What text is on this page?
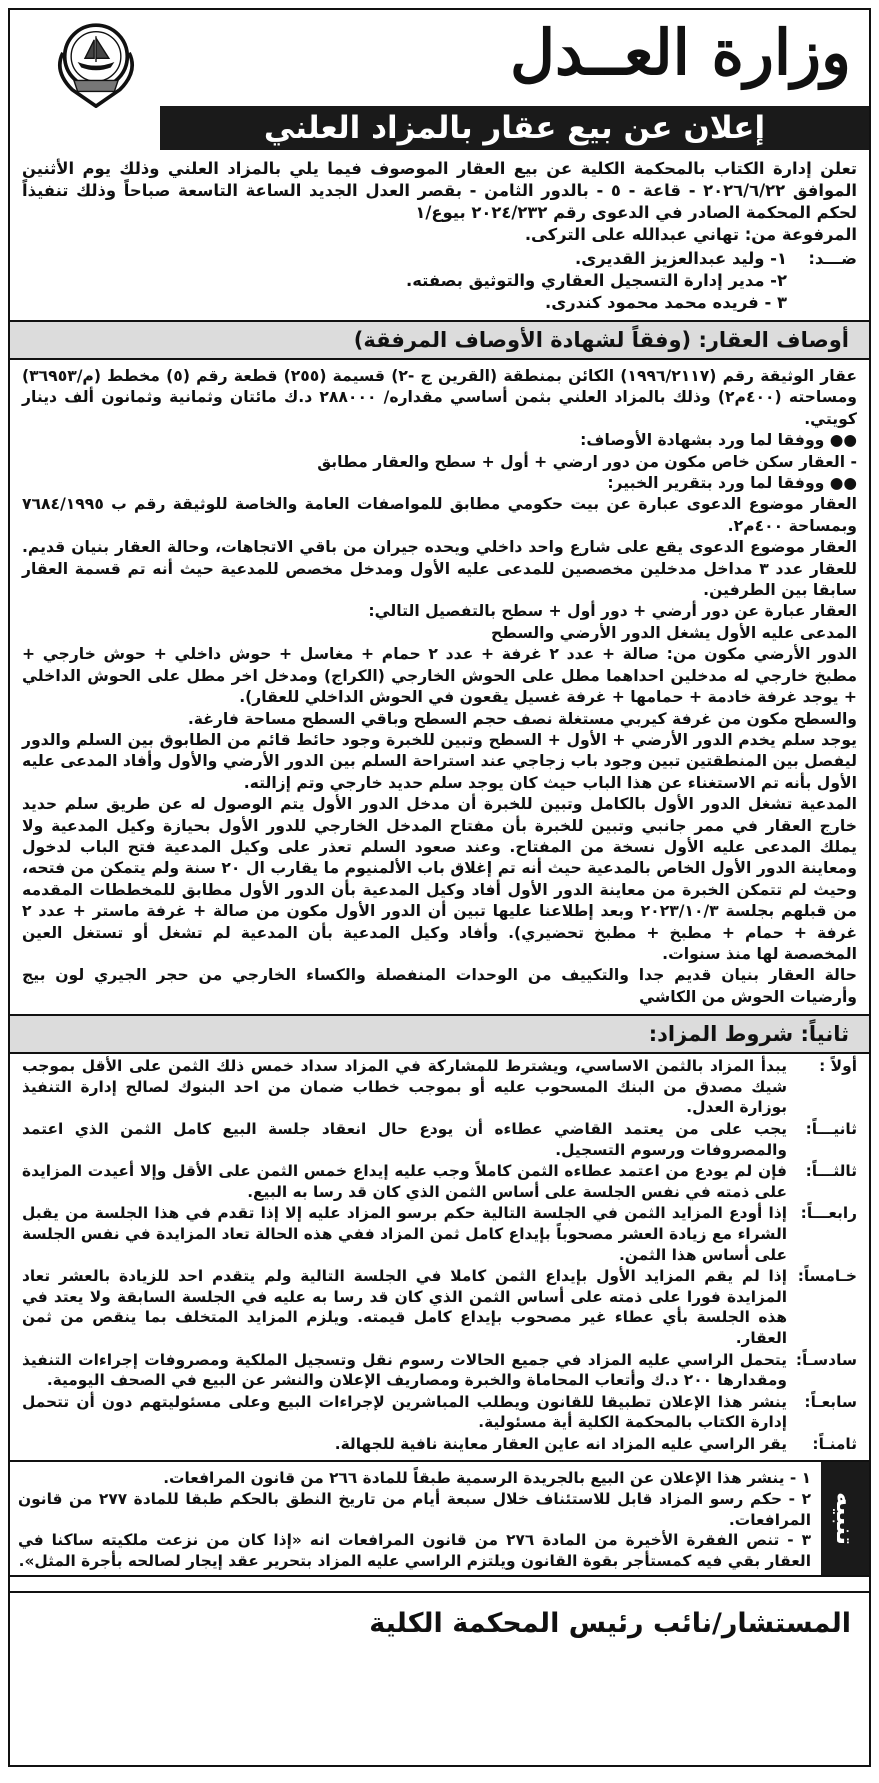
وزارة العــدل
إعلان عن بيع عقار بالمزاد العلني

تعلن إدارة الكتاب بالمحكمة الكلية عن بيع العقار الموصوف فيما يلي بالمزاد العلني وذلك يوم الأثنين الموافق ٢٠٢٦/٦/٢٢ - قاعة - ٥ - بالدور الثامن - بقصر العدل الجديد الساعة التاسعة صباحاً وذلك تنفيذاً لحكم المحكمة الصادر في الدعوى رقم ٢٠٢٤/٢٣٢ بيوع/١

المرفوعة من: تهاني عبدالله على التركى.

ضـــد:
١- وليد عبدالعزيز القديرى.
٢- مدير إدارة التسجيل العقاري والتوثيق بصفته.
٣ - فريده محمد محمود كندرى.
أوصاف العقار: (وفقاً لشهادة الأوصاف المرفقة)

عقار الوثيقة رقم (١٩٩٦/٢١١٧) الكائن بمنطقة (القرين ج -٢) قسيمة (٢٥٥) قطعة رقم (٥) مخطط (م/٣٦٩٥٣) ومساحته (٤٠٠م٢) وذلك بالمزاد العلني بثمن أساسي مقداره/ ٢٨٨٠٠٠ د.ك مائتان وثمانية وثمانون ألف دينار كويتي.

●● ووفقا لما ورد بشهادة الأوصاف:

- العقار سكن خاص مكون من دور ارضي + أول + سطح والعقار مطابق

●● ووفقا لما ورد بتقرير الخبير:

العقار موضوع الدعوى عبارة عن بيت حكومي مطابق للمواصفات العامة والخاصة للوثيقة رقم ب ٧٦٨٤/١٩٩٥ وبمساحة ٤٠٠م٢.

العقار موضوع الدعوى يقع على شارع واحد داخلي ويحده جيران من باقي الاتجاهات، وحالة العقار بنيان قديم. للعقار عدد ٣ مداخل مدخلين مخصصين للمدعى عليه الأول ومدخل مخصص للمدعية حيث أنه تم قسمة العقار سابقا بين الطرفين.

العقار عبارة عن دور أرضي + دور أول + سطح بالتفصيل التالي:

المدعى عليه الأول يشغل الدور الأرضي والسطح

الدور الأرضي مكون من: صالة + عدد ٢ غرفة + عدد ٢ حمام + مغاسل + حوش داخلي + حوش خارجي + مطبخ خارجي له مدخلين احداهما مطل على الحوش الخارجي (الكراج) ومدخل اخر مطل على الحوش الداخلي + يوجد غرفة خادمة + حمامها + غرفة غسيل يقعون في الحوش الداخلي للعقار).

والسطح مكون من غرفة كيربي مستغلة نصف حجم السطح وباقي السطح مساحة فارغة.

يوجد سلم يخدم الدور الأرضي + الأول + السطح وتبين للخبرة وجود حائط قائم من الطابوق بين السلم والدور ليفصل بين المنطقتين تبين وجود باب زجاجي عند استراحة السلم بين الدور الأرضي والأول وأفاد المدعى عليه الأول بأنه تم الاستغناء عن هذا الباب حيث كان يوجد سلم حديد خارجي وتم إزالته.

المدعية تشغل الدور الأول بالكامل وتبين للخبرة أن مدخل الدور الأول يتم الوصول له عن طريق سلم حديد خارج العقار في ممر جانبي وتبين للخبرة بأن مفتاح المدخل الخارجي للدور الأول بحيازة وكيل المدعية ولا يملك المدعى عليه الأول نسخة من المفتاح. وعند صعود السلم تعذر على وكيل المدعية فتح الباب لدخول ومعاينة الدور الأول الخاص بالمدعية حيث أنه تم إغلاق باب الألمنيوم ما يقارب ال ٢٠ سنة ولم يتمكن من فتحه، وحيث لم تتمكن الخبرة من معاينة الدور الأول أفاد وكيل المدعية بأن الدور الأول مطابق للمخططات المقدمه من قبلهم بجلسة ٢٠٢٣/١٠/٣ وبعد إطلاعنا عليها تبين أن الدور الأول مكون من صالة + غرفة ماستر + عدد ٢ غرفة + حمام + مطبخ + مطبخ تحضيري). وأفاد وكيل المدعية بأن المدعية لم تشغل أو تستغل العين المخصصة لها منذ سنوات.

حالة العقار بنيان قديم جدا والتكييف من الوحدات المنفصلة والكساء الخارجي من حجر الجيري لون بيج وأرضيات الحوش من الكاشي

ثانياً: شروط المزاد:
أولاً :
يبدأ المزاد بالثمن الاساسي، ويشترط للمشاركة في المزاد سداد خمس ذلك الثمن على الأقل بموجب شيك مصدق من البنك المسحوب عليه أو بموجب خطاب ضمان من احد البنوك لصالح إدارة التنفيذ بوزارة العدل.
ثانيـــاً:
يجب على من يعتمد القاضي عطاءه أن يودع حال انعقاد جلسة البيع كامل الثمن الذي اعتمد والمصروفات ورسوم التسجيل.
ثالثـــاً:
فإن لم يودع من اعتمد عطاءه الثمن كاملاً وجب عليه إيداع خمس الثمن على الأقل وإلا أعيدت المزايدة على ذمته في نفس الجلسة على أساس الثمن الذي كان قد رسا به البيع.
رابعـــاً:
إذا أودع المزايد الثمن في الجلسة التالية حكم برسو المزاد عليه إلا إذا تقدم في هذا الجلسة من يقبل الشراء مع زيادة العشر مصحوباً بإيداع كامل ثمن المزاد ففي هذه الحالة تعاد المزايدة في نفس الجلسة على أساس هذا الثمن.
خـامساً:
إذا لم يقم المزايد الأول بإيداع الثمن كاملا في الجلسة التالية ولم يتقدم احد للزيادة بالعشر تعاد المزايدة فورا على ذمته على أساس الثمن الذي كان قد رسا به عليه في الجلسة السابقة ولا يعتد في هذه الجلسة بأي عطاء غير مصحوب بإيداع كامل قيمته. ويلزم المزايد المتخلف بما ينقص من ثمن العقار.
سادسـاً:
يتحمل الراسي عليه المزاد في جميع الحالات رسوم نقل وتسجيل الملكية ومصروفات إجراءات التنفيذ ومقدارها ٢٠٠ د.ك وأتعاب المحاماة والخبرة ومصاريف الإعلان والنشر عن البيع في الصحف اليومية.
سابعـاً:
ينشر هذا الإعلان تطبيقا للقانون ويطلب المباشرين لإجراءات البيع وعلى مسئوليتهم دون أن تتحمل إدارة الكتاب بالمحكمة الكلية أية مسئولية.
ثامنـاً:
يقر الراسي عليه المزاد انه عاين العقار معاينة نافية للجهالة.
تنبيه
١ - ينشر هذا الإعلان عن البيع بالجريدة الرسمية طبقاً للمادة ٢٦٦ من قانون المرافعات.
٢ - حكم رسو المزاد قابل للاستئناف خلال سبعة أيام من تاريخ النطق بالحكم طبقا للمادة ٢٧٧ من قانون المرافعات.
٣ - تنص الفقرة الأخيرة من المادة ٢٧٦ من قانون المرافعات انه «إذا كان من نزعت ملكيته ساكنا في العقار بقي فيه كمستأجر بقوة القانون ويلتزم الراسي عليه المزاد بتحرير عقد إيجار لصالحه بأجرة المثل».
المستشار/نائب رئيس المحكمة الكلية
